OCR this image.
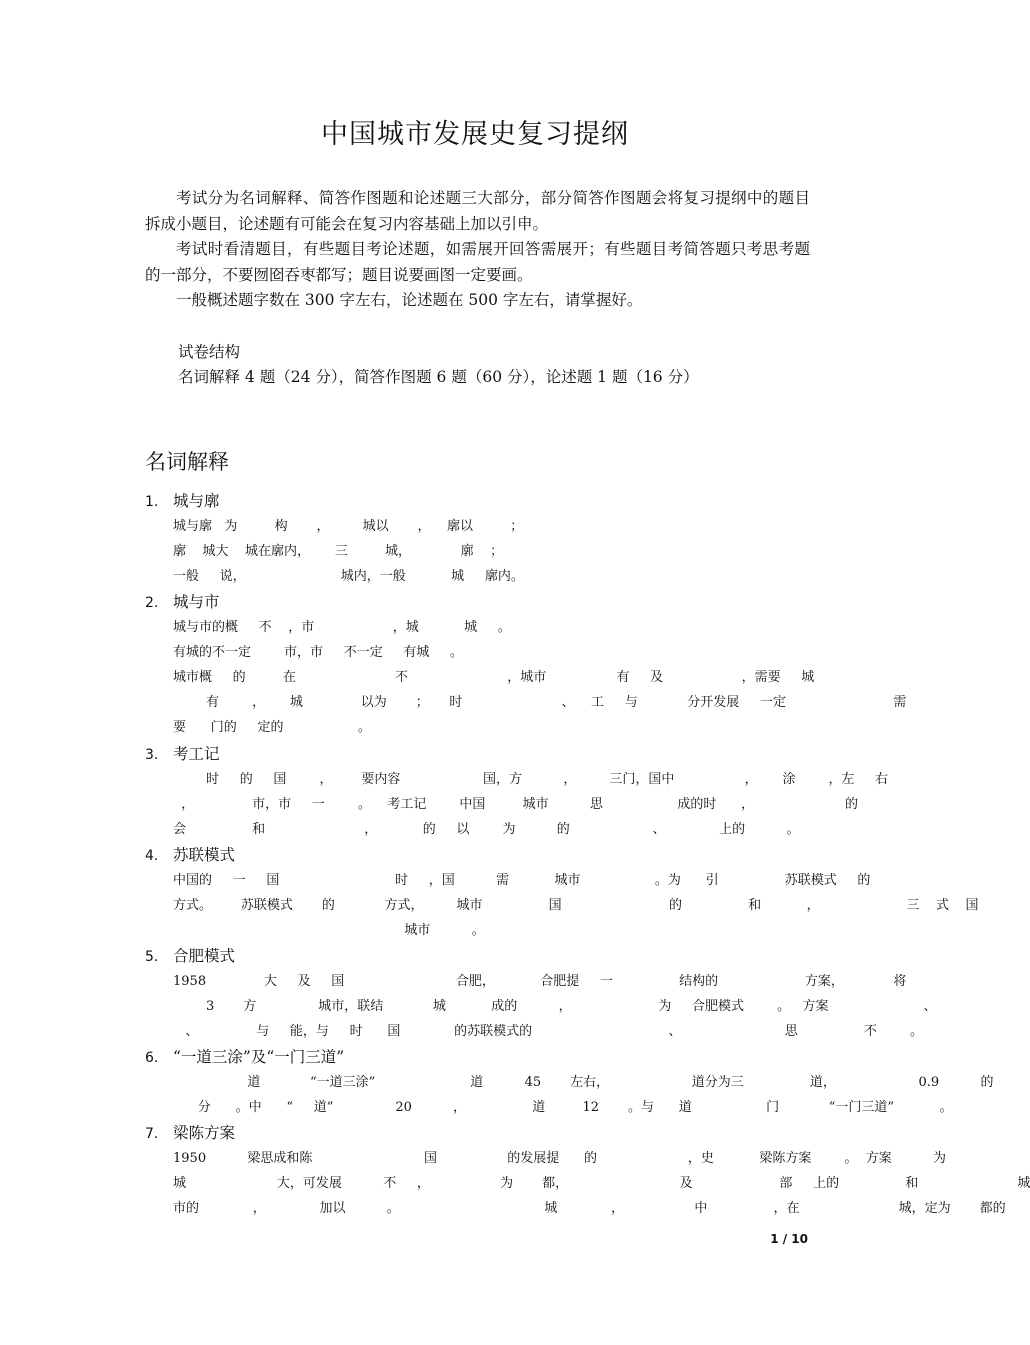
中国城市发展史复习提纲

考试分为名词解释、简答作图题和论述题三大部分，部分简答作图题会将复习提纲中的题目拆成小题目，论述题有可能会在复习内容基础上加以引申。

考试时看清题目，有些题目考论述题，如需展开回答需展开；有些题目考简答题只考思考题的一部分，不要囫囵吞枣都写；题目说要画图一定要画。

一般概述题字数在 300 字左右，论述题在 500 字左右，请掌握好。

试卷结构
名词解释 4 题（24 分），简答作图题 6 题（60 分），论述题 1 题（16 分）
名词解释
1. 城与廓
城与廓   为         构       ，        城以       ，    廓以         ；
廓    城大    城在廓内，      三         城，            廓    ；
一般     说，                       城内，一般           城     廓内。
2. 城与市
城与市的概     不    ，市                   ，城           城     。
有城的不一定        市，市     不一定     有城     。
城市概     的         在                        不                        ，城市                 有     及                   ，需要     城
有        ，      城              以为       ；     时                        、    工     与            分开发展     一定                          需
要      门的     定的                  。
3. 考工记
时     的     国        ，       要内容                    国，方          ，        三门，国中                 ，      涂        ，左     右
，              市，市     一        。    考工记        中国         城市          思                  成的时      ，                      的
会                和                        ，           的     以        为          的                    、             上的          。
4. 苏联模式
中国的     一     国                            时     ，国          需           城市                  。为      引                苏联模式     的
方式。       苏联模式       的            方式，        城市                国                          的                和           ，                     三    式    国
城市          。
5. 合肥模式
1958              大     及     国                           合肥，           合肥提     一                结构的                     方案，            将
3       方               城市，联结            城           成的          ，                     为     合肥模式        。   方案                       、
、              与     能，与     时      国             的苏联模式的                                 、                         思                不        。
6. “一道三涂”及“一门三道”
道            “一道三涂”                       道          45       左右，                    道分为三                道，                    0.9          的
分      。中      “     道”               20          ，                道         12       。与      道                  门            “一门三道”           。
7. 梁陈方案
1950          梁思成和陈                           国                 的发展提      的                      ，史           梁陈方案        。  方案          为
城                      大，可发展          不     ，                 为       都，                           及                     部     上的                和                        城
市的             ，             加以          。                                   城             ，                 中                ，在                        城，定为       都的
1 / 10
